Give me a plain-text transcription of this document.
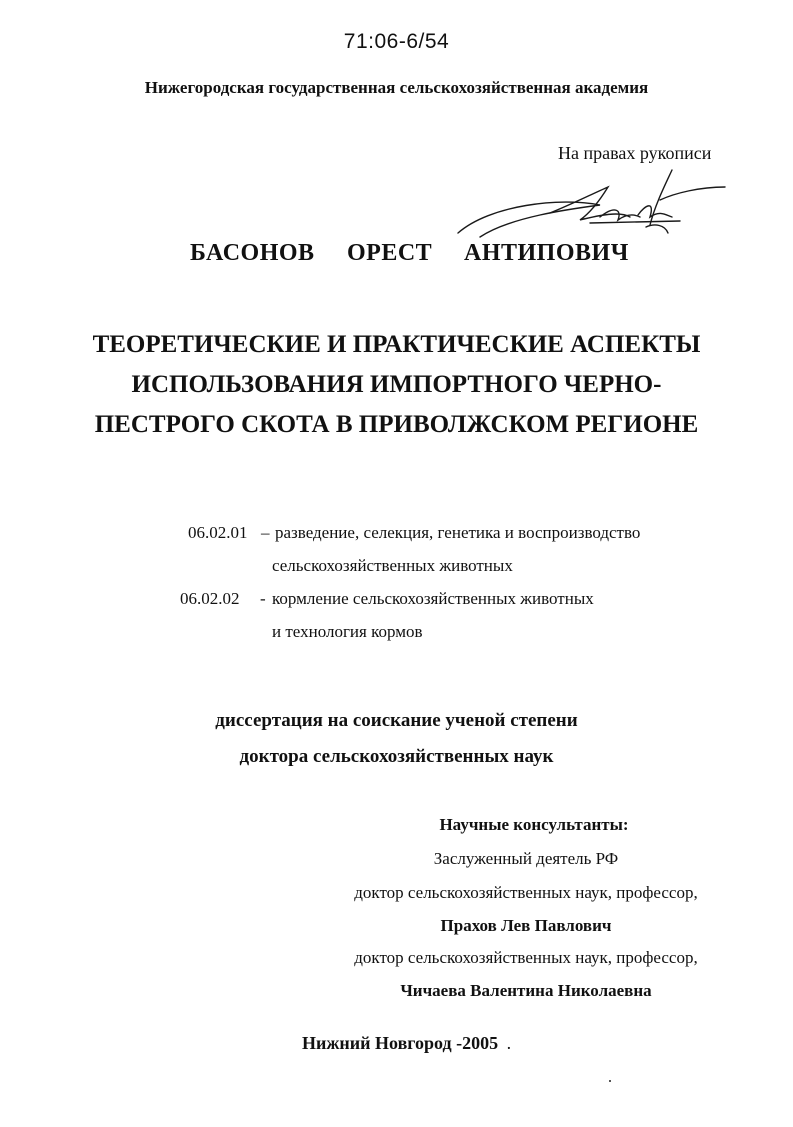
71:06-6/54
Нижегородская государственная сельскохозяйственная академия
На правах рукописи
БАСОНОВ ОРЕСТ АНТИПОВИЧ
ТЕОРЕТИЧЕСКИЕ И ПРАКТИЧЕСКИЕ АСПЕКТЫ
ИСПОЛЬЗОВАНИЯ ИМПОРТНОГО ЧЕРНО-
ПЕСТРОГО СКОТА В ПРИВОЛЖСКОМ РЕГИОНЕ
06.02.01 – разведение, селекция, генетика и воспроизводство
сельскохозяйственных животных
06.02.02 - кормление сельскохозяйственных животных
и технология кормов
диссертация на соискание ученой степени
доктора сельскохозяйственных наук
Научные консультанты:
Заслуженный деятель РФ
доктор сельскохозяйственных наук, профессор,
Прахов Лев Павлович
доктор сельскохозяйственных наук, профессор,
Чичаева Валентина Николаевна
Нижний Новгород -2005 .
